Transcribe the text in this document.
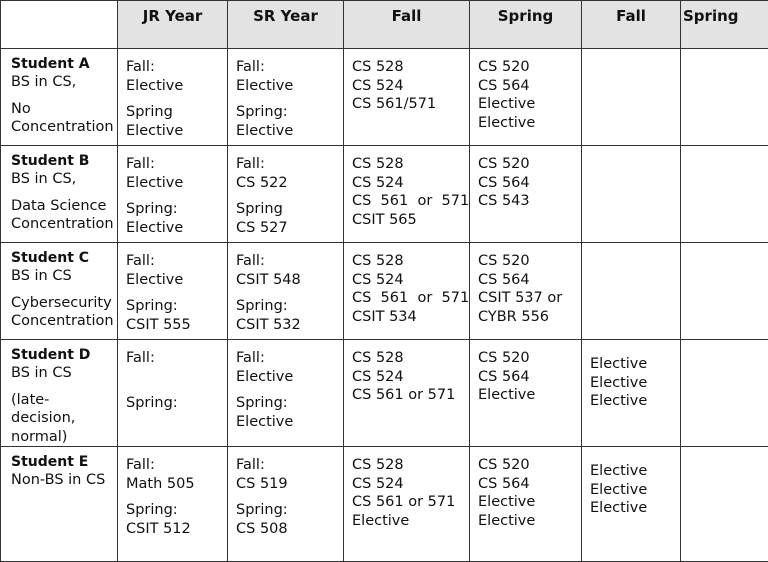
	JR Year	SR Year	Fall	Spring	Fall	Spring

Student A
BS in CS,
No
Concentration	Fall:
Elective
Spring
Elective	Fall:
Elective
Spring:
Elective	CS 528
CS 524
CS 561/571	CS 520
CS 564
Elective
Elective		

Student B
BS in CS,
Data Science
Concentration	Fall:
Elective
Spring:
Elective	Fall:
CS 522
Spring
CS 527	CS 528
CS 524
CS  561  or  571
CSIT 565	CS 520
CS 564
CS 543		

Student C
BS in CS
Cybersecurity
Concentration	Fall:
Elective
Spring:
CSIT 555	Fall:
CSIT 548
Spring:
CSIT 532	CS 528
CS 524
CS  561  or  571
CSIT 534	CS 520
CS 564
CSIT 537 or
CYBR 556		

Student D
BS in CS
(late-decision,
normal)	Fall:
Spring:	Fall:
Elective
Spring:
Elective	CS 528
CS 524
CS 561 or 571	CS 520
CS 564
Elective	Elective
Elective
Elective	

Student E
Non-BS in CS	Fall:
Math 505
Spring:
CSIT 512	Fall:
CS 519
Spring:
CS 508	CS 528
CS 524
CS 561 or 571
Elective	CS 520
CS 564
Elective
Elective	Elective
Elective
Elective	
